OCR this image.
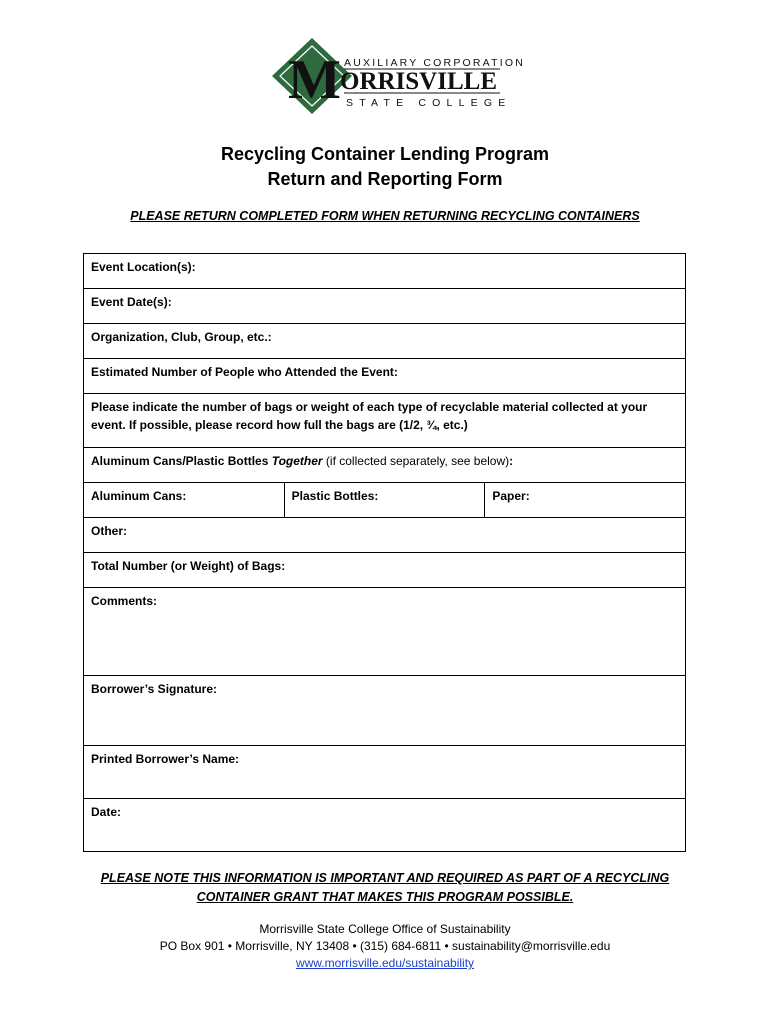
M AUXILIARY CORPORATION
ORRISVILLE
STATE COLLEGE
Recycling Container Lending Program
Return and Reporting Form
PLEASE RETURN COMPLETED FORM WHEN RETURNING RECYCLING CONTAINERS
Event Location(s):
Event Date(s):
Organization, Club, Group, etc.:
Estimated Number of People who Attended the Event:
Please indicate the number of bags or weight of each type of recyclable material collected at your event. If possible, please record how full the bags are (1/2, ¾, etc.)
Aluminum Cans/Plastic Bottles Together (if collected separately, see below):
Aluminum Cans:	Plastic Bottles:	Paper:
Other:
Total Number (or Weight) of Bags:
Comments:
Borrower’s Signature:
Printed Borrower’s Name:
Date:
PLEASE NOTE THIS INFORMATION IS IMPORTANT AND REQUIRED AS PART OF A RECYCLING
CONTAINER GRANT THAT MAKES THIS PROGRAM POSSIBLE.
Morrisville State College Office of Sustainability
PO Box 901 • Morrisville, NY 13408 • (315) 684-6811 • sustainability@morrisville.edu
www.morrisville.edu/sustainability
